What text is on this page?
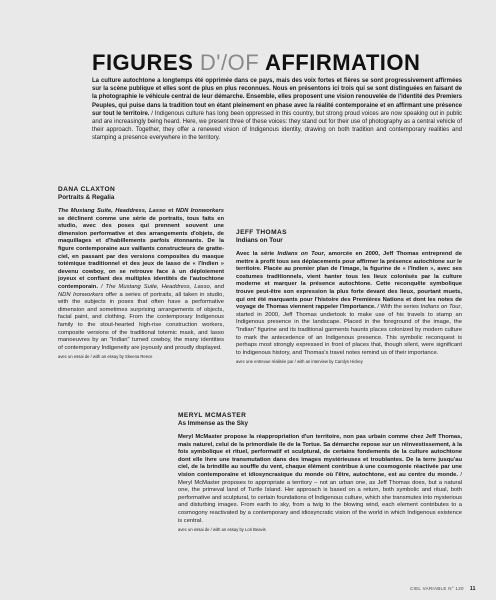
FIGURES D'/OF AFFIRMATION

La culture autochtone a longtemps été opprimée dans ce pays, mais des voix fortes et fières se sont progressivement affirmées sur la scène publique et elles sont de plus en plus reconnues. Nous en présentons ici trois qui se sont distinguées en faisant de la photographie le véhicule central de leur démarche. Ensemble, elles proposent une vision renouvelée de l'identité des Premiers Peuples, qui puise dans la tradition tout en étant pleinement en phase avec la réalité contemporaine et en affirmant une présence sur tout le territoire. / Indigenous culture has long been oppressed in this country, but strong proud voices are now speaking out in public and are increasingly being heard. Here, we present three of these voices: they stand out for their use of photography as a central vehicle of their approach. Together, they offer a renewed vision of Indigenous identity, drawing on both tradition and contemporary realities and stamping a presence everywhere in the territory.

DANA CLAXTON

Portraits & Regalia

The Mustang Suite, Headdress, Lasso et NDN Ironworkers se déclinent comme une série de portraits, tous faits en studio, avec des poses qui prennent souvent une dimension performative et des arrangements d'objets, de maquillages et d'habillements parfois étonnants. De la figure contemporaine aux vaillants constructeurs de gratte-ciel, en passant par des versions composites du masque totémique traditionnel et des jeux de lasso de « l'Indien » devenu cowboy, on se retrouve face à un déploiement joyeux et confiant des multiples identités de l'autochtone contemporain. / The Mustang Suite, Headdress, Lasso, and NDN Ironworkers offer a series of portraits, all taken in studio, with the subjects in poses that often have a performative dimension and sometimes surprising arrangements of objects, facial paint, and clothing. From the contemporary Indigenous family to the stout-hearted high-rise construction workers, composite versions of the traditional totemic mask, and lasso manoeuvres by an "Indian" turned cowboy, the many identities of contemporary Indigeneity are joyously and proudly displayed.

avec un essai de / with an essay by Skeena Reece

JEFF THOMAS

Indians on Tour

Avec la série Indians on Tour, amorcée en 2000, Jeff Thomas entreprend de mettre à profit tous ses déplacements pour affirmer la présence autochtone sur le territoire. Placée au premier plan de l'image, la figurine de « l'Indien », avec ses costumes traditionnels, vient hanter tous les lieux colonisés par la culture moderne et marquer la présence autochtone. Cette reconquête symbolique trouve peut-être son expression la plus forte devant des lieux, pourtant muets, qui ont été marquants pour l'histoire des Premières Nations et dont les notes de voyage de Thomas viennent rappeler l'importance. / With the series Indians on Tour, started in 2000, Jeff Thomas undertook to make use of his travels to stamp an Indigenous presence in the landscape. Placed in the foreground of the image, the "Indian" figurine and its traditional garments haunts places colonized by modern culture to mark the antecedence of an Indigenous presence. This symbolic reconquest is perhaps most strongly expressed in front of places that, though silent, were significant to Indigenous history, and Thomas's travel notes remind us of their importance.

avec une entrevue réalisée par / with an interview by Carolyn Hickey

MERYL MCMASTER

As Immense as the Sky

Meryl McMaster propose la réappropriation d'un territoire, non pas urbain comme chez Jeff Thomas, mais naturel, celui de la primordiale île de la Tortue. Sa démarche repose sur un réinvestissement, à la fois symbolique et rituel, performatif et sculptural, de certains fondements de la culture autochtone dont elle livre une transmutation dans des images mystérieuses et troublantes. De la terre jusqu'au ciel, de la brindille au souffle du vent, chaque élément contribue à une cosmogonie réactivée par une vision contemporaine et idiosyncrasique du monde où l'être, autochtone, est au centre du monde. / Meryl McMaster proposes to appropriate a territory – not an urban one, as Jeff Thomas does, but a natural one, the primeval land of Turtle Island. Her approach is based on a return, both symbolic and ritual, both performative and sculptural, to certain foundations of Indigenous culture, which she transmutes into mysterious and disturbing images. From earth to sky, from a twig to the blowing wind, each element contributes to a cosmogony reactivated by a contemporary and idiosyncratic vision of the world in which Indigenous existence is central.

avec un essai de / with an essay by Lori Beavis
CIEL VARIABLE N° 120 11
